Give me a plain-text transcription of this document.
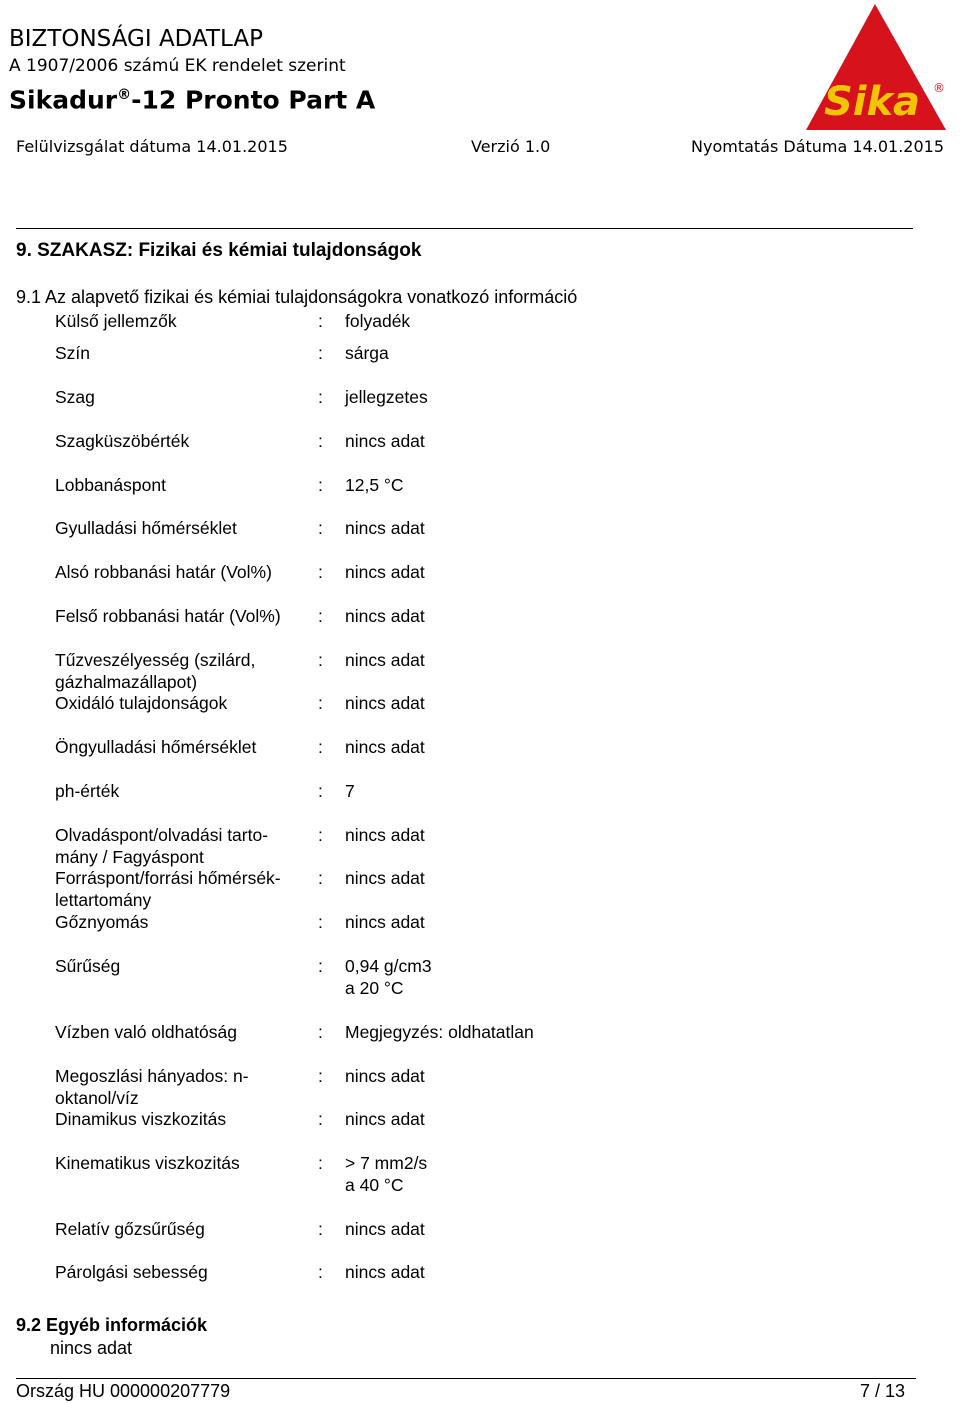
BIZTONSÁGI ADATLAP
A 1907/2006 számú EK rendelet szerint
Sikadur®-12 Pronto Part A	Sika ®
Felülvizsgálat dátuma 14.01.2015	Verzió 1.0	Nyomtatás Dátuma 14.01.2015
9. SZAKASZ: Fizikai és kémiai tulajdonságok
9.1 Az alapvető fizikai és kémiai tulajdonságokra vonatkozó információ
Külső jellemzők	: folyadék
Szín	: sárga
Szag	: jellegzetes
Szagküszöbérték	: nincs adat
Lobbanáspont	: 12,5 °C
Gyulladási hőmérséklet	: nincs adat
Alsó robbanási határ (Vol%)	: nincs adat
Felső robbanási határ (Vol%)	: nincs adat
Tűzveszélyesség (szilárd,
gázhalmazállapot)
: nincs adat
Oxidáló tulajdonságok	: nincs adat
Öngyulladási hőmérséklet	: nincs adat
ph-érték	: 7
Olvadáspont/olvadási tarto-
mány / Fagyáspont
: nincs adat
Forráspont/forrási hőmérsék-
lettartomány
: nincs adat
Gőznyomás	: nincs adat
Sűrűség	: 0,94 g/cm3
a 20 °C
Vízben való oldhatóság	: Megjegyzés: oldhatatlan
Megoszlási hányados: n-
oktanol/víz
: nincs adat
Dinamikus viszkozitás	: nincs adat
Kinematikus viszkozitás	: > 7 mm2/s
a 40 °C
Relatív gőzsűrűség	: nincs adat
Párolgási sebesség	: nincs adat
9.2 Egyéb információk
nincs adat
Ország HU 000000207779	7 / 13
